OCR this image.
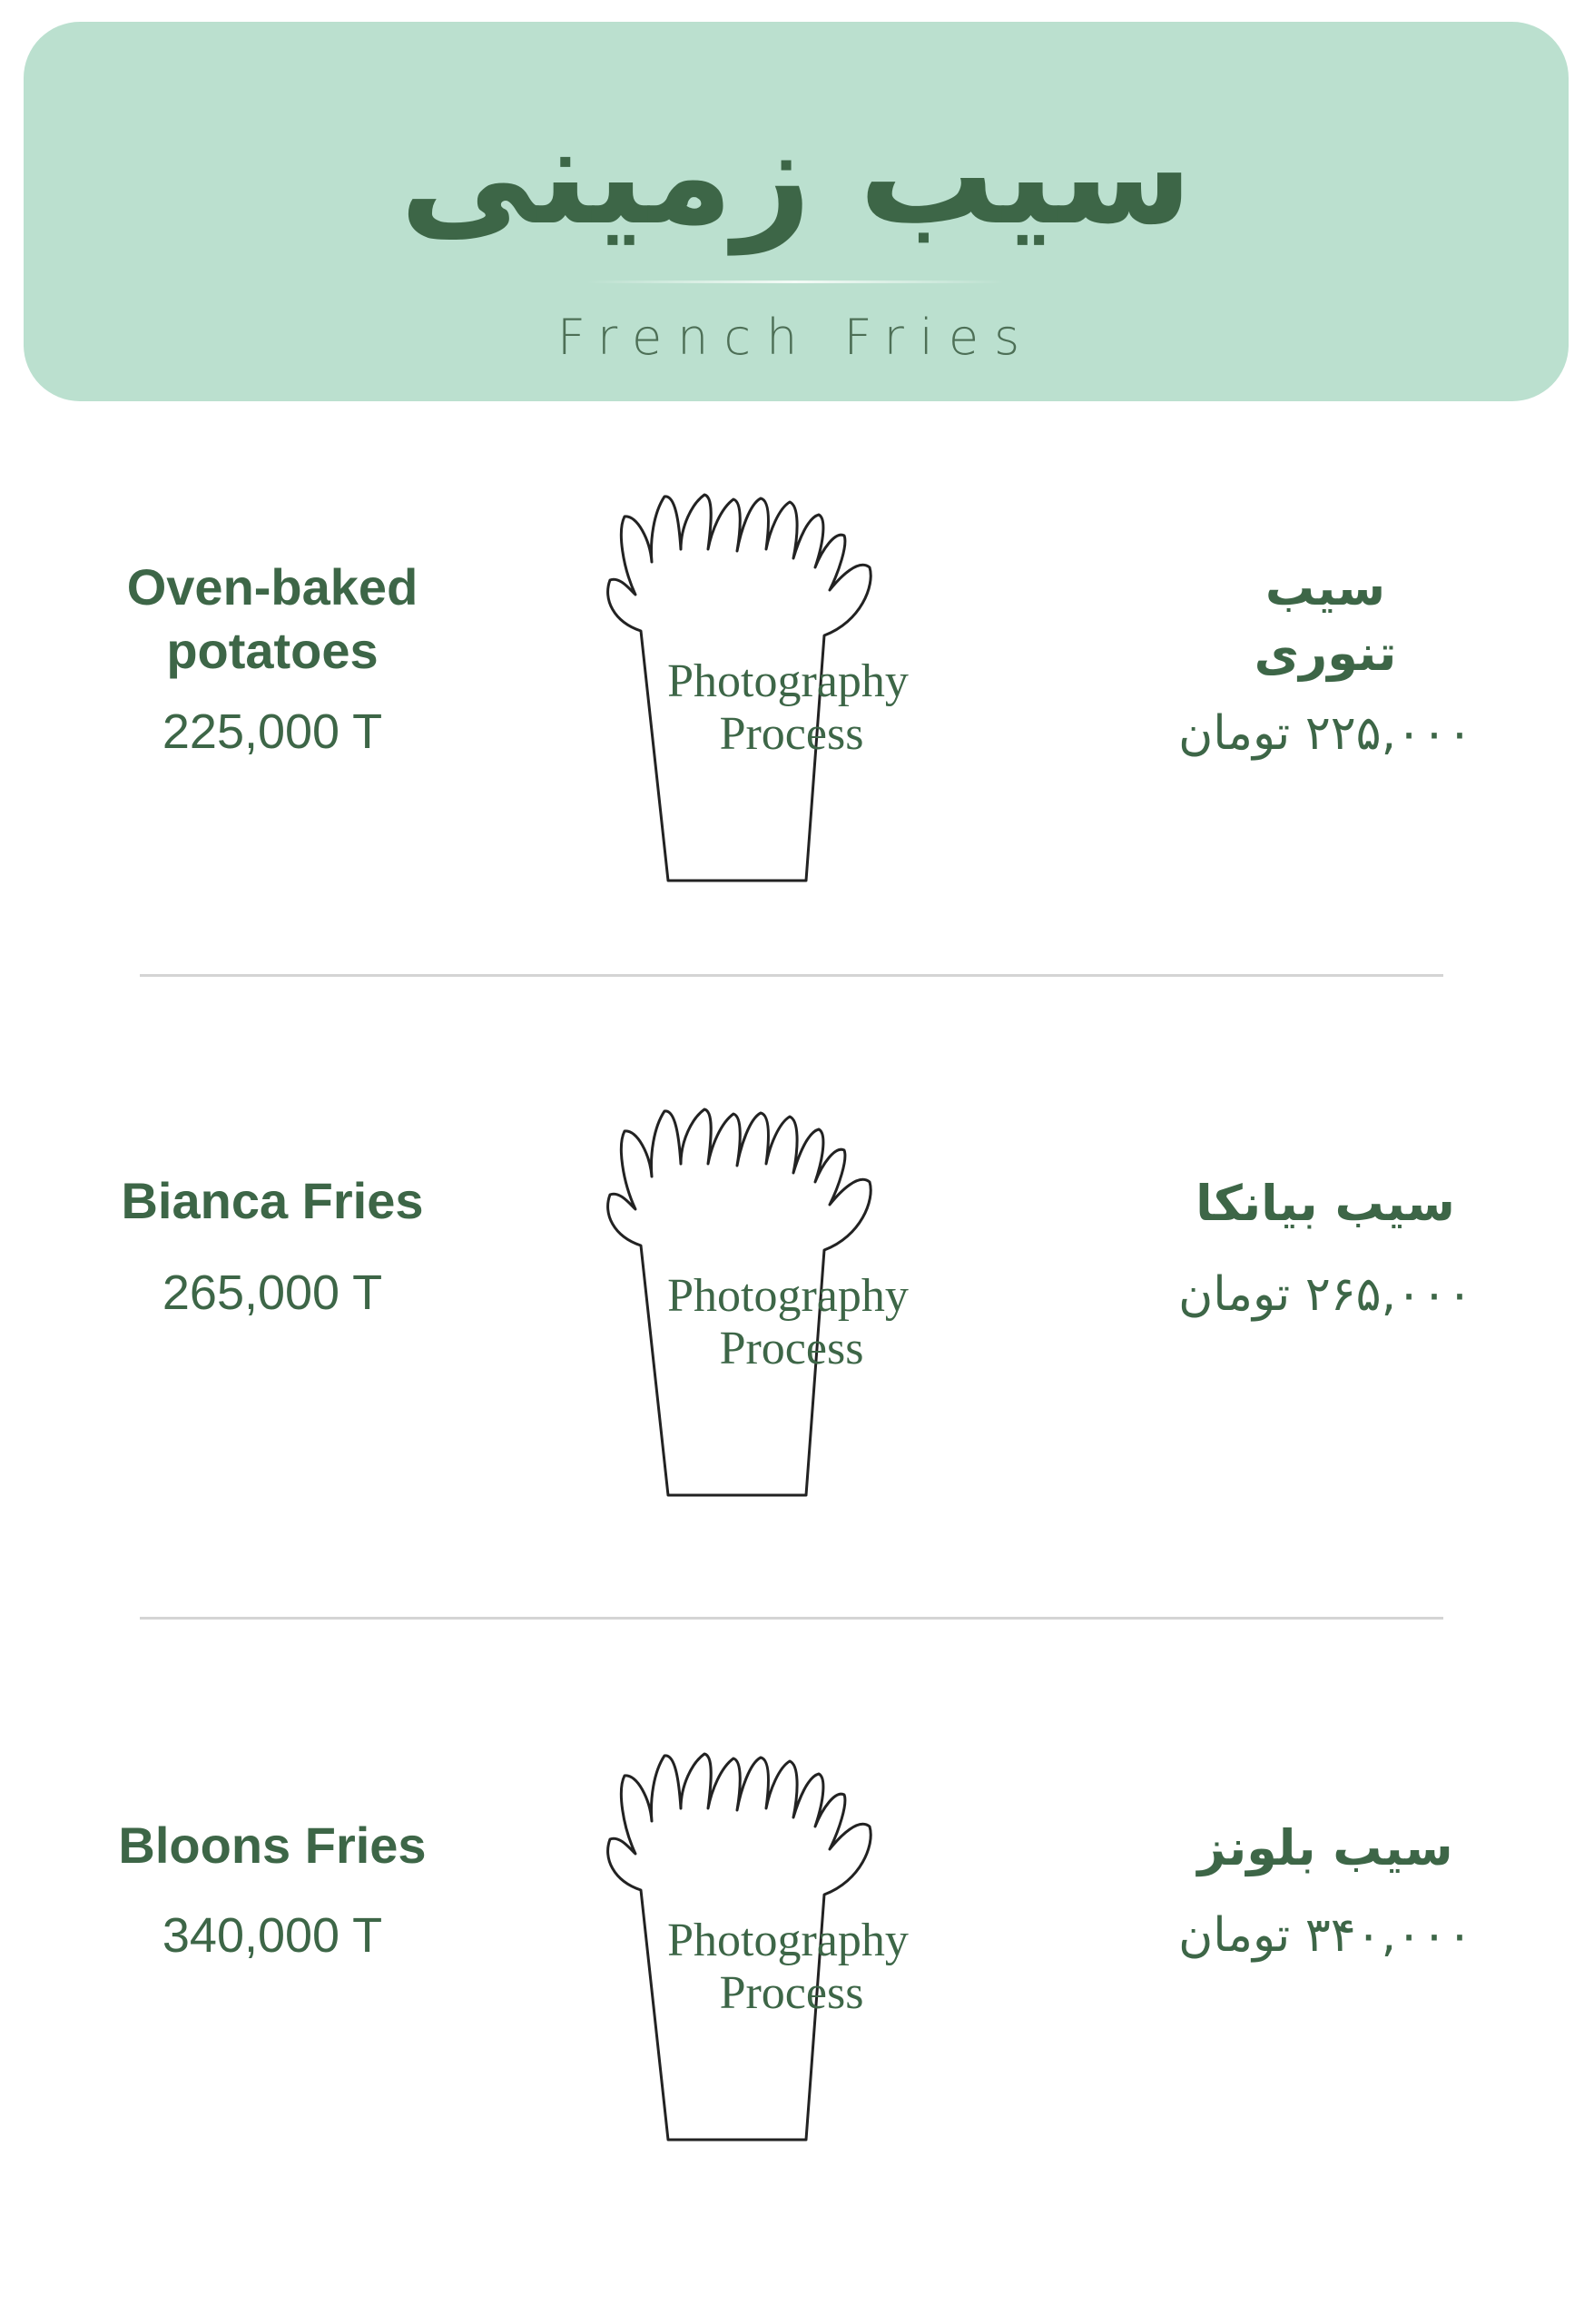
سیب زمینی
French Fries
Oven-baked potatoes
225,000 T
Photography
Process
سیب تنوری
۲۲۵,۰۰۰ تومان
Bianca Fries
265,000 T	Photography
Process
سیب بیانکا
۲۶۵,۰۰۰ تومان
Bloons Fries
340,000 T	Photography
Process
سیب بلونز
۳۴۰,۰۰۰ تومان
